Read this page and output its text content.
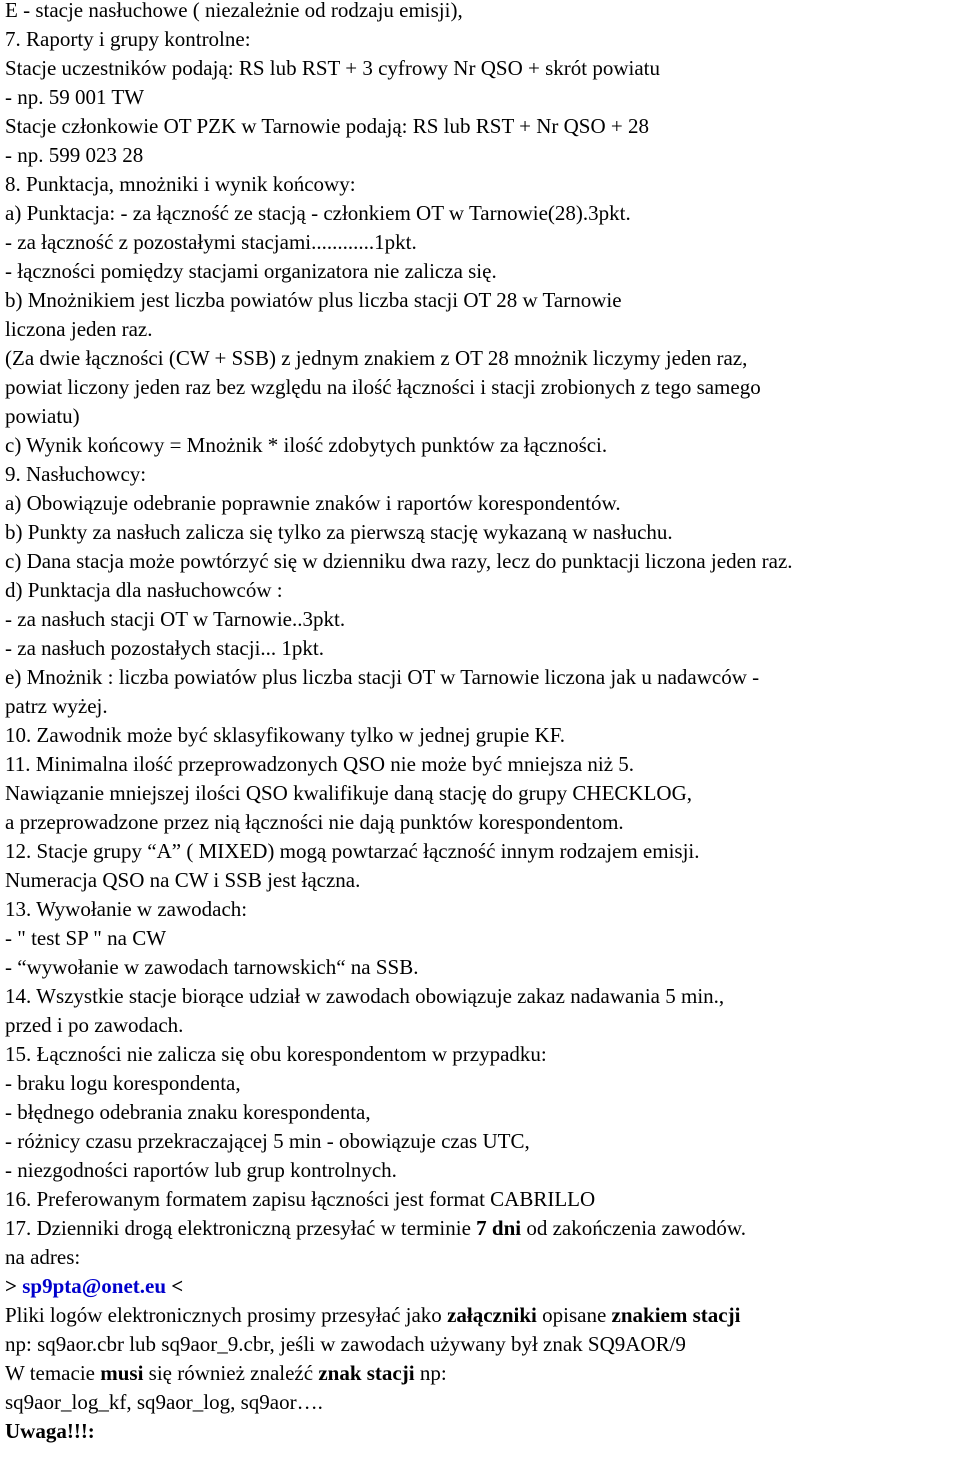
E - stacje nasłuchowe ( niezależnie od rodzaju emisji),
7. Raporty i grupy kontrolne:
Stacje uczestników podają: RS lub RST + 3 cyfrowy Nr QSO + skrót powiatu
- np. 59 001 TW
Stacje członkowie OT PZK w Tarnowie podają: RS lub RST + Nr QSO + 28
- np. 599 023 28
8. Punktacja, mnożniki i wynik końcowy:
a) Punktacja: - za łączność ze stacją - członkiem OT w Tarnowie(28).3pkt.
- za łączność z pozostałymi stacjami............1pkt.
- łączności pomiędzy stacjami organizatora nie zalicza się.
b) Mnożnikiem jest liczba powiatów plus liczba stacji OT 28 w Tarnowie
liczona jeden raz.
(Za dwie łączności (CW + SSB) z jednym znakiem z OT 28 mnożnik liczymy jeden raz,
powiat liczony jeden raz bez względu na ilość łączności i stacji zrobionych z tego samego
powiatu)
c) Wynik końcowy = Mnożnik * ilość zdobytych punktów za łączności.
9. Nasłuchowcy:
a) Obowiązuje odebranie poprawnie znaków i raportów korespondentów.
b) Punkty za nasłuch zalicza się tylko za pierwszą stację wykazaną w nasłuchu.
c) Dana stacja może powtórzyć się w dzienniku dwa razy, lecz do punktacji liczona jeden raz.
d) Punktacja dla nasłuchowców :
- za nasłuch stacji OT w Tarnowie..3pkt.
- za nasłuch pozostałych stacji... 1pkt.
e) Mnożnik : liczba powiatów plus liczba stacji OT w Tarnowie liczona jak u nadawców -
patrz wyżej.
10. Zawodnik może być sklasyfikowany tylko w jednej grupie KF.
11. Minimalna ilość przeprowadzonych QSO nie może być mniejsza niż 5.
Nawiązanie mniejszej ilości QSO kwalifikuje daną stację do grupy CHECKLOG,
a przeprowadzone przez nią łączności nie dają punktów korespondentom.
12. Stacje grupy “A” ( MIXED) mogą powtarzać łączność innym rodzajem emisji.
Numeracja QSO na CW i SSB jest łączna.
13. Wywołanie w zawodach:
- " test SP " na CW
- “wywołanie w zawodach tarnowskich“ na SSB.
14. Wszystkie stacje biorące udział w zawodach obowiązuje zakaz nadawania 5 min.,
przed i po zawodach.
15. Łączności nie zalicza się obu korespondentom w przypadku:
- braku logu korespondenta,
- błędnego odebrania znaku korespondenta,
- różnicy czasu przekraczającej 5 min - obowiązuje czas UTC,
- niezgodności raportów lub grup kontrolnych.
16. Preferowanym formatem zapisu łączności jest format CABRILLO
17. Dzienniki drogą elektroniczną przesyłać w terminie 7 dni od zakończenia zawodów.
na adres:
> sp9pta@onet.eu <
Pliki logów elektronicznych prosimy przesyłać jako załączniki opisane znakiem stacji
np: sq9aor.cbr lub sq9aor_9.cbr, jeśli w zawodach używany był znak SQ9AOR/9
W temacie musi się również znaleźć znak stacji np:
sq9aor_log_kf, sq9aor_log, sq9aor….
Uwaga!!!:
